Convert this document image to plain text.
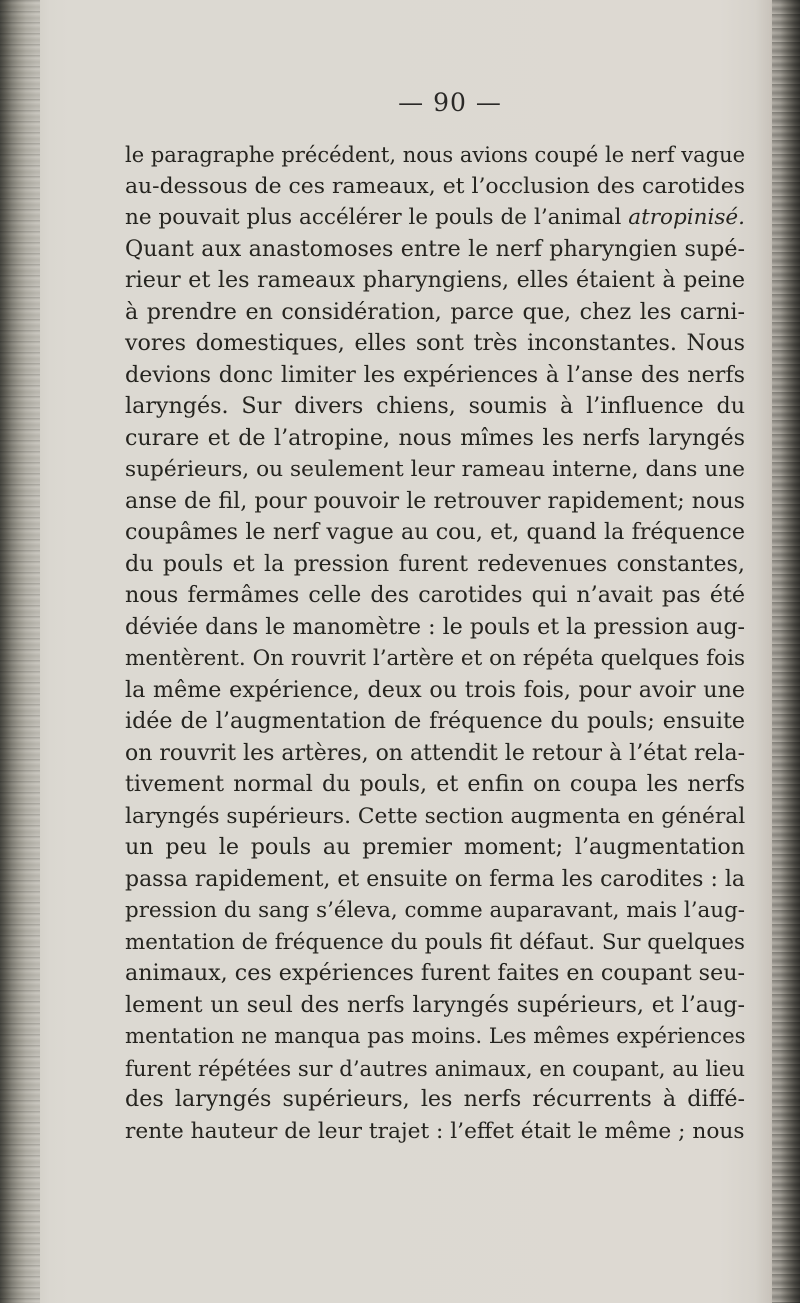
— 90 —
le paragraphe précédent, nous avions coupé le nerf vague
au-dessous de ces rameaux, et l’occlusion des carotides
ne pouvait plus accélérer le pouls de l’animal atropinisé.
Quant aux anastomoses entre le nerf pharyngien supé-
rieur et les rameaux pharyngiens, elles étaient à peine
à prendre en considération, parce que, chez les carni-
vores domestiques, elles sont très inconstantes. Nous
devions donc limiter les expériences à l’anse des nerfs
laryngés. Sur divers chiens, soumis à l’influence du
curare et de l’atropine, nous mîmes les nerfs laryngés
supérieurs, ou seulement leur rameau interne, dans une
anse de fil, pour pouvoir le retrouver rapidement; nous
coupâmes le nerf vague au cou, et, quand la fréquence
du pouls et la pression furent redevenues constantes,
nous fermâmes celle des carotides qui n’avait pas été
déviée dans le manomètre : le pouls et la pression aug-
mentèrent. On rouvrit l’artère et on répéta quelques fois
la même expérience, deux ou trois fois, pour avoir une
idée de l’augmentation de fréquence du pouls; ensuite
on rouvrit les artères, on attendit le retour à l’état rela-
tivement normal du pouls, et enfin on coupa les nerfs
laryngés supérieurs. Cette section augmenta en général
un peu le pouls au premier moment; l’augmentation
passa rapidement, et ensuite on ferma les carodites : la
pression du sang s’éleva, comme auparavant, mais l’aug-
mentation de fréquence du pouls fit défaut. Sur quelques
animaux, ces expériences furent faites en coupant seu-
lement un seul des nerfs laryngés supérieurs, et l’aug-
mentation ne manqua pas moins. Les mêmes expériences
furent répétées sur d’autres animaux, en coupant, au lieu
des laryngés supérieurs, les nerfs récurrents à diffé-
rente hauteur de leur trajet : l’effet était le même ; nous
